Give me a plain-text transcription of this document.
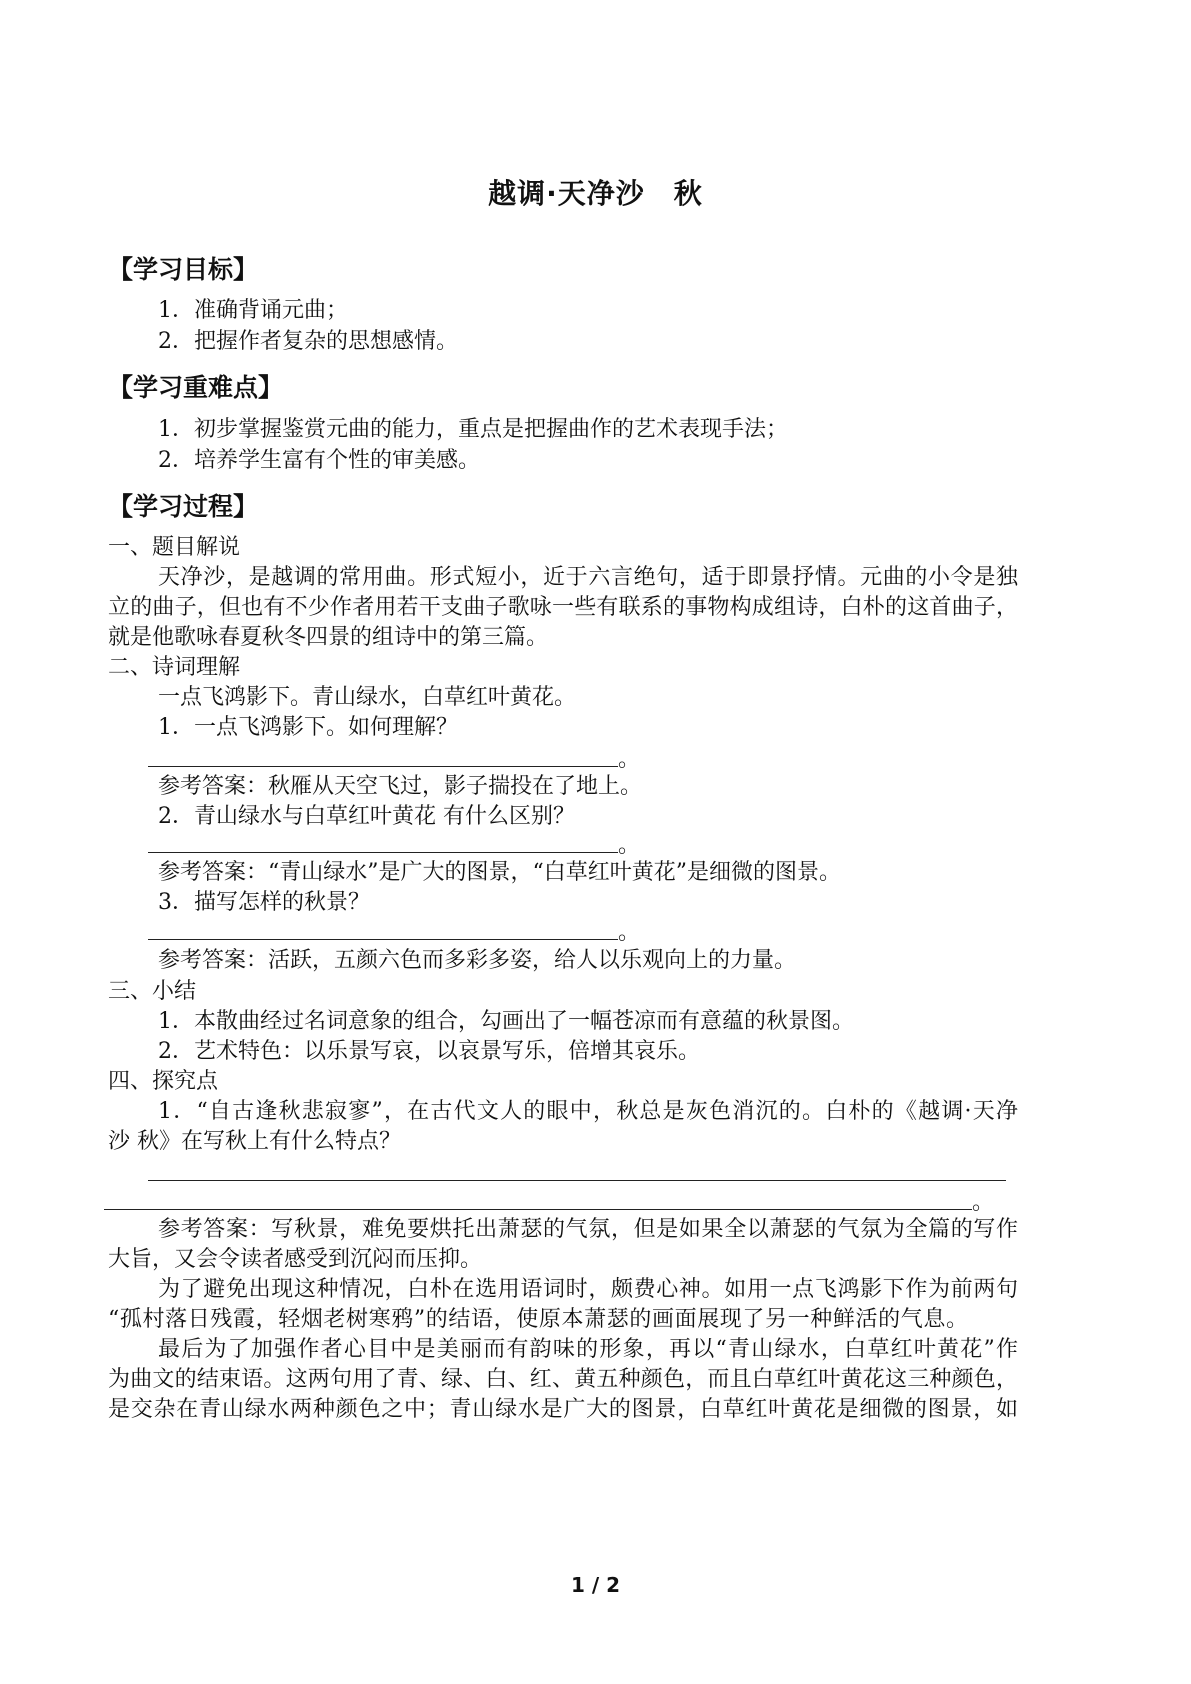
越调·天净沙　秋
【学习目标】
1．准确背诵元曲；
2．把握作者复杂的思想感情。
【学习重难点】
1．初步掌握鉴赏元曲的能力，重点是把握曲作的艺术表现手法；
2．培养学生富有个性的审美感。
【学习过程】
一、题目解说
天净沙，是越调的常用曲。形式短小，近于六言绝句，适于即景抒情。元曲的小令是独
立的曲子，但也有不少作者用若干支曲子歌咏一些有联系的事物构成组诗，白朴的这首曲子，
就是他歌咏春夏秋冬四景的组诗中的第三篇。
二、诗词理解
一点飞鸿影下。青山绿水，白草红叶黄花。
1．一点飞鸿影下。如何理解？
。
参考答案：秋雁从天空飞过，影子揣投在了地上。
2．青山绿水与白草红叶黄花 有什么区别？
。
参考答案：“青山绿水”是广大的图景，“白草红叶黄花”是细微的图景。
3．描写怎样的秋景？
。
参考答案：活跃，五颜六色而多彩多姿，给人以乐观向上的力量。
三、小结
1．本散曲经过名词意象的组合，勾画出了一幅苍凉而有意蕴的秋景图。
2．艺术特色：以乐景写哀，以哀景写乐，倍增其哀乐。
四、探究点
1．“自古逢秋悲寂寥”，在古代文人的眼中，秋总是灰色消沉的。白朴的《越调·天净
沙 秋》在写秋上有什么特点？
。
参考答案：写秋景，难免要烘托出萧瑟的气氛，但是如果全以萧瑟的气氛为全篇的写作
大旨，又会令读者感受到沉闷而压抑。
为了避免出现这种情况，白朴在选用语词时，颇费心神。如用一点飞鸿影下作为前两句
“孤村落日残霞，轻烟老树寒鸦”的结语，使原本萧瑟的画面展现了另一种鲜活的气息。
最后为了加强作者心目中是美丽而有韵味的形象，再以“青山绿水，白草红叶黄花”作
为曲文的结束语。这两句用了青、绿、白、红、黄五种颜色，而且白草红叶黄花这三种颜色，
是交杂在青山绿水两种颜色之中；青山绿水是广大的图景，白草红叶黄花是细微的图景，如
1 / 2
